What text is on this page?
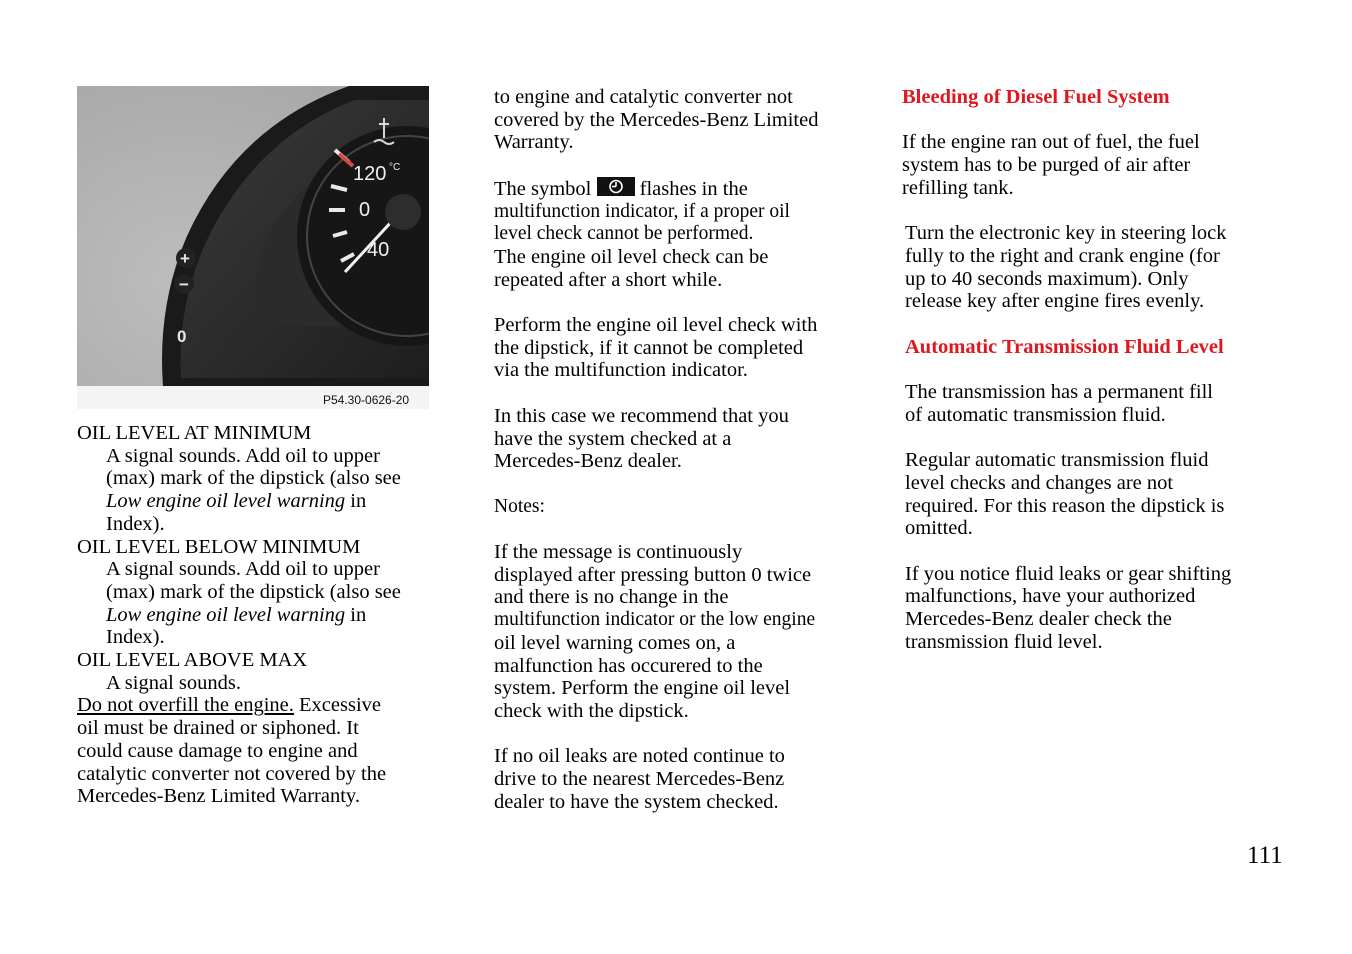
120 °C
0
40
+
−
0
P54.30-0626-20

OIL LEVEL AT MINIMUM

A signal sounds. Add oil to upper

(max) mark of the dipstick (also see

Low engine oil level warning in

Index).

OIL LEVEL BELOW MINIMUM

A signal sounds. Add oil to upper

(max) mark of the dipstick (also see

Low engine oil level warning in

Index).

OIL LEVEL ABOVE MAX

A signal sounds.

Do not overfill the engine. Excessive

oil must be drained or siphoned. It

could cause damage to engine and

catalytic converter not covered by the

Mercedes-Benz Limited Warranty.

to engine and catalytic converter not

covered by the Mercedes-Benz Limited

Warranty.

The symbol  flashes in the

multifunction indicator, if a proper oil

level check cannot be performed.

The engine oil level check can be

repeated after a short while.

Perform the engine oil level check with

the dipstick, if it cannot be completed

via the multifunction indicator.

In this case we recommend that you

have the system checked at a

Mercedes-Benz dealer.

Notes:

If the message is continuously

displayed after pressing button 0 twice

and there is no change in the

multifunction indicator or the low engine

oil level warning comes on, a

malfunction has occurered to the

system. Perform the engine oil level

check with the dipstick.

If no oil leaks are noted continue to

drive to the nearest Mercedes-Benz

dealer to have the system checked.

Bleeding of Diesel Fuel System

If the engine ran out of fuel, the fuel

system has to be purged of air after

refilling tank.

Turn the electronic key in steering lock

fully to the right and crank engine (for

up to 40 seconds maximum). Only

release key after engine fires evenly.

Automatic Transmission Fluid Level

The transmission has a permanent fill

of automatic transmission fluid.

Regular automatic transmission fluid

level checks and changes are not

required. For this reason the dipstick is

omitted.

If you notice fluid leaks or gear shifting

malfunctions, have your authorized

Mercedes-Benz dealer check the

transmission fluid level.

111
